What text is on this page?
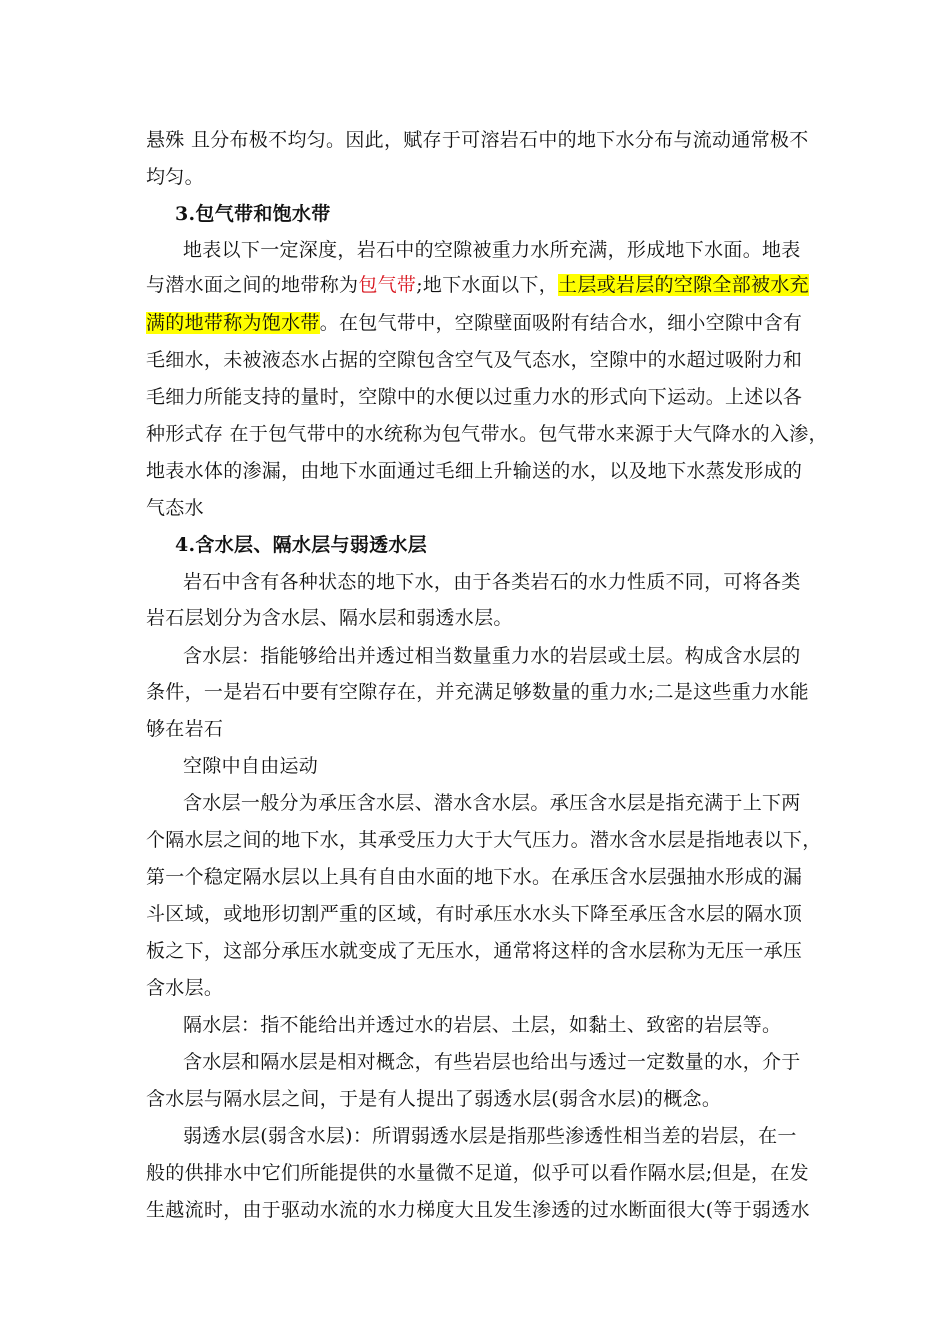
悬殊 且分布极不均匀。因此，赋存于可溶岩石中的地下水分布与流动通常极不
均匀。
3.包气带和饱水带
地表以下一定深度，岩石中的空隙被重力水所充满，形成地下水面。地表
与潜水面之间的地带称为包气带;地下水面以下，土层或岩层的空隙全部被水充
满的地带称为饱水带。在包气带中，空隙壁面吸附有结合水，细小空隙中含有
毛细水，未被液态水占据的空隙包含空气及气态水，空隙中的水超过吸附力和
毛细力所能支持的量时，空隙中的水便以过重力水的形式向下运动。上述以各
种形式存 在于包气带中的水统称为包气带水。包气带水来源于大气降水的入渗，
地表水体的渗漏，由地下水面通过毛细上升输送的水，以及地下水蒸发形成的
气态水
4.含水层、隔水层与弱透水层
岩石中含有各种状态的地下水，由于各类岩石的水力性质不同，可将各类
岩石层划分为含水层、隔水层和弱透水层。
含水层：指能够给出并透过相当数量重力水的岩层或土层。构成含水层的
条件，一是岩石中要有空隙存在，并充满足够数量的重力水;二是这些重力水能
够在岩石
空隙中自由运动
含水层一般分为承压含水层、潜水含水层。承压含水层是指充满于上下两
个隔水层之间的地下水，其承受压力大于大气压力。潜水含水层是指地表以下，
第一个稳定隔水层以上具有自由水面的地下水。在承压含水层强抽水形成的漏
斗区域，或地形切割严重的区域，有时承压水水头下降至承压含水层的隔水顶
板之下，这部分承压水就变成了无压水，通常将这样的含水层称为无压一承压
含水层。
隔水层：指不能给出并透过水的岩层、土层，如黏土、致密的岩层等。
含水层和隔水层是相对概念，有些岩层也给出与透过一定数量的水，介于
含水层与隔水层之间，于是有人提出了弱透水层(弱含水层)的概念。
弱透水层(弱含水层)：所谓弱透水层是指那些渗透性相当差的岩层，在一
般的供排水中它们所能提供的水量微不足道，似乎可以看作隔水层;但是，在发
生越流时，由于驱动水流的水力梯度大且发生渗透的过水断面很大(等于弱透水
